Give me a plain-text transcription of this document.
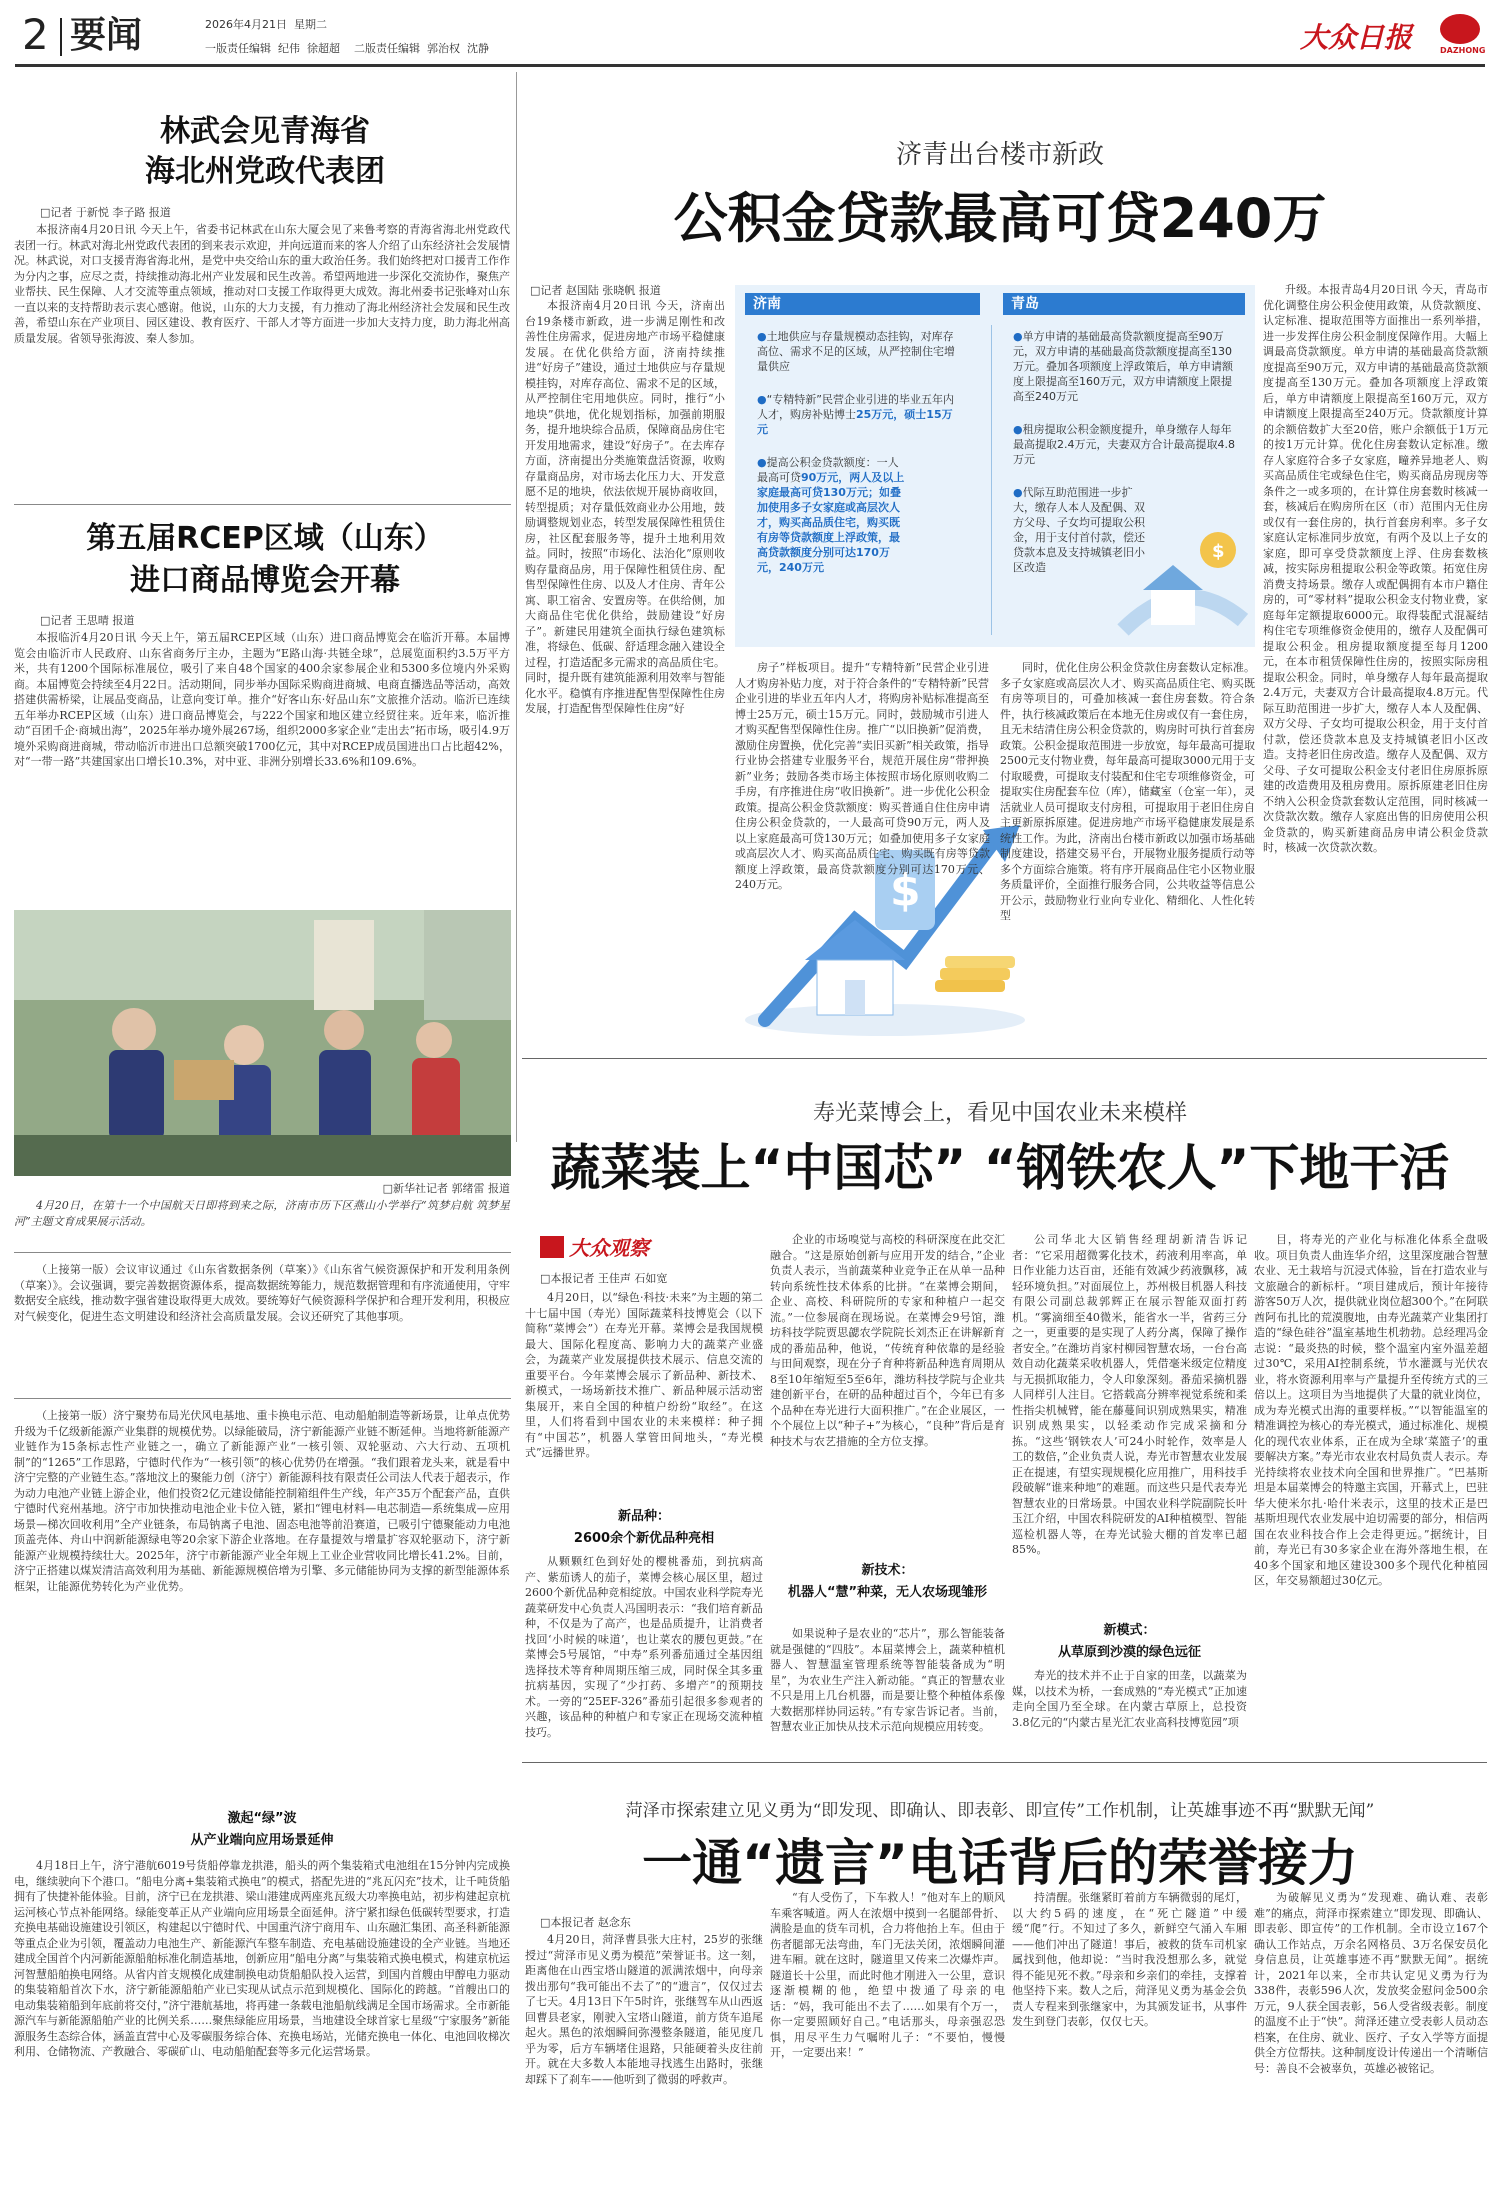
2 要闻	2026年4月21日 星期二
一版责任编辑  纪伟  徐超超    二版责任编辑  郭治权  沈静	大众日报	DAZHONG
林武会见青海省
海北州党政代表团
□记者 于新悦 李子路 报道

本报济南4月20日讯 今天上午，省委书记林武在山东大厦会见了来鲁考察的青海省海北州党政代表团一行。林武对海北州党政代表团的到来表示欢迎，并向远道而来的客人介绍了山东经济社会发展情况。林武说，对口支援青海省海北州，是党中央交给山东的重大政治任务。我们始终把对口援青工作作为分内之事，应尽之责，持续推动海北州产业发展和民生改善。希望两地进一步深化交流协作，聚焦产业帮扶、民生保障、人才交流等重点领域，推动对口支援工作取得更大成效。海北州委书记张峰对山东一直以来的支持帮助表示衷心感谢。他说，山东的大力支援，有力推动了海北州经济社会发展和民生改善，希望山东在产业项目、园区建设、教育医疗、干部人才等方面进一步加大支持力度，助力海北州高质量发展。省领导张海波、秦人参加。

第五届RCEP区域（山东）
进口商品博览会开幕
□记者 王思晴 报道

本报临沂4月20日讯 今天上午，第五届RCEP区域（山东）进口商品博览会在临沂开幕。本届博览会由临沂市人民政府、山东省商务厅主办，主题为“E路山海·共链全球”，总展览面积约3.5万平方米，共有1200个国际标准展位，吸引了来自48个国家的400余家参展企业和5300多位境内外采购商。本届博览会持续至4月22日。活动期间，同步举办国际采购商进商城、电商直播选品等活动，高效搭建供需桥梁，让展品变商品，让意向变订单。推介“好客山东·好品山东”文旅推介活动。临沂已连续五年举办RCEP区域（山东）进口商品博览会，与222个国家和地区建立经贸往来。近年来，临沂推动“百团千企·商城出海”，2025年举办境外展267场，组织2000多家企业“走出去”拓市场，吸引4.9万境外采购商进商城，带动临沂市进出口总额突破1700亿元，其中对RCEP成员国进出口占比超42%，对“一带一路”共建国家出口增长10.3%，对中亚、非洲分别增长33.6%和109.6%。

□新华社记者 郭绪雷 报道
4月20日，在第十一个中国航天日即将到来之际，济南市历下区燕山小学举行“筑梦启航 筑梦星河”主题文育成果展示活动。

（上接第一版）会议审议通过《山东省数据条例（草案）》《山东省气候资源保护和开发利用条例（草案）》。会议强调，要完善数据资源体系，提高数据统筹能力，规范数据管理和有序流通使用，守牢数据安全底线，推动数字强省建设取得更大成效。要统筹好气候资源科学保护和合理开发利用，积极应对气候变化，促进生态文明建设和经济社会高质量发展。会议还研究了其他事项。

（上接第一版）济宁聚势布局光伏风电基地、重卡换电示范、电动船舶制造等新场景，让单点优势升级为千亿级新能源产业集群的规模优势。以绿能破局，济宁新能源产业链不断延伸。当地将新能源产业链作为15条标志性产业链之一，确立了新能源产业“一核引领、双轮驱动、六大行动、五项机制”的“1265”工作思路，宁德时代作为“一核引领”的核心优势仍在增强。“我们跟着龙头来，就是看中济宁完整的产业链生态。”落地汶上的聚能力创（济宁）新能源科技有限责任公司法人代表于超表示，作为动力电池产业链上游企业，他们投资2亿元建设储能控制箱组件生产线，年产35万个配套产品，直供宁德时代兖州基地。济宁市加快推动电池企业卡位入链，紧扣“锂电材料—电芯制造—系统集成—应用场景—梯次回收利用”全产业链条，布局钠离子电池、固态电池等前沿赛道，已吸引宁德聚能动力电池顶盖壳体、舟山中润新能源绿电等20余家下游企业落地。在存量提效与增量扩容双轮驱动下，济宁新能源产业规模持续壮大。2025年，济宁市新能源产业全年规上工业企业营收同比增长41.2%。目前，济宁正搭建以煤炭清洁高效利用为基础、新能源规模倍增为引擎、多元储能协同为支撑的新型能源体系框架，让能源优势转化为产业优势。

激起“绿”波
从产业端向应用场景延伸

4月18日上午，济宁港航6019号货船停靠龙拱港，船头的两个集装箱式电池组在15分钟内完成换电，继续驶向下个港口。“船电分离+集装箱式换电”的模式，搭配先进的“兆瓦闪充”技术，让千吨货船拥有了快捷补能体验。目前，济宁已在龙拱港、梁山港建成两座兆瓦级大功率换电站，初步构建起京杭运河核心节点补能网络。绿能变革正从产业端向应用场景全面延伸。济宁紧扣绿色低碳转型要求，打造充换电基础设施建设引领区，构建起以宁德时代、中国重汽济宁商用车、山东融汇集团、高圣科新能源等重点企业为引领，覆盖动力电池生产、新能源汽车整车制造、充电基础设施建设的全产业链。当地还建成全国首个内河新能源船舶标准化制造基地，创新应用“船电分离”与集装箱式换电模式，构建京杭运河智慧船舶换电网络。从省内首支规模化成建制换电动货船船队投入运营，到国内首艘由甲醇电力驱动的集装箱船首次下水，济宁新能源船舶产业已实现从试点示范到规模化、国际化的跨越。“首艘出口的电动集装箱船到年底前将交付，”济宁港航基地，将再建一条载电池船航线满足全国市场需求。全市新能源汽车与新能源船舶产业的比例关系……聚焦绿能应用场景，当地建设全球首家七星级“宁家服务”新能源服务生态综合体，涵盖直营中心及零碳服务综合体、充换电场站，光储充换电一体化、电池回收梯次利用、仓储物流、产教融合、零碳矿山、电动船舶配套等多元化运营场景。

济青出台楼市新政
公积金贷款最高可贷240万
□记者 赵国陆 张晓帆 报道

本报济南4月20日讯 今天，济南出台19条楼市新政，进一步满足刚性和改善性住房需求，促进房地产市场平稳健康发展。在优化供给方面，济南持续推进“好房子”建设，通过土地供应与存量规模挂钩，对库存高位、需求不足的区域，从严控制住宅用地供应。同时，推行“小地块”供地，优化规划指标，加强前期服务，提升地块综合品质，保障商品房住宅开发用地需求，建设“好房子”。在去库存方面，济南提出分类施策盘活资源，收购存量商品房，对市场去化压力大、开发意愿不足的地块，依法依规开展协商收回，转型提质；对存量低效商业办公用地，鼓励调整规划业态，转型发展保障性租赁住房，社区配套服务等，提升土地利用效益。同时，按照“市场化、法治化”原则收购存量商品房，用于保障性租赁住房、配售型保障性住房、以及人才住房、青年公寓、职工宿舍、安置房等。在供给侧，加大商品住宅优化供给，鼓励建设“好房子”。新建民用建筑全面执行绿色建筑标准，将绿色、低碳、舒适理念融入建设全过程，打造适配多元需求的高品质住宅。同时，提升既有建筑能源利用效率与智能化水平。稳慎有序推进配售型保障性住房发展，打造配售型保障性住房“好

济南	青岛
●土地供应与存量规模动态挂钩，对库存高位、需求不足的区域，从严控制住宅增量供应
●“专精特新”民营企业引进的毕业五年内人才，购房补贴博士25万元，硕士15万元
●提高公积金贷款额度：一人最高可贷90万元，两人及以上家庭最高可贷130万元；如叠加使用多子女家庭或高层次人才，购买高品质住宅，购买既有房等贷款额度上浮政策，最高贷款额度分别可达170万元，240万元
●单方申请的基础最高贷款额度提高至90万元，双方申请的基础最高贷款额度提高至130万元。叠加各项额度上浮政策后，单方申请额度上限提高至160万元，双方申请额度上限提高至240万元
●租房提取公积金额度提升，单身缴存人每年最高提取2.4万元，夫妻双方合计最高提取4.8万元
●代际互助范围进一步扩大，缴存人本人及配偶、双方父母、子女均可提取公积金，用于支付首付款，偿还贷款本息及支持城镇老旧小区改造
$
$

房子”样板项目。提升“专精特新”民营企业引进人才购房补贴力度，对于符合条件的“专精特新”民营企业引进的毕业五年内人才，将购房补贴标准提高至博士25万元，硕士15万元。同时，鼓励城市引进人才购买配售型保障性住房。推广“以旧换新”促消费，激励住房置换，优化完善“卖旧买新”相关政策，指导行业协会搭建专业服务平台，规范开展住房“带押换新”业务；鼓励各类市场主体按照市场化原则收购二手房，有序推进住房“收旧换新”。进一步优化公积金政策。提高公积金贷款额度：购买普通自住住房申请住房公积金贷款的，一人最高可贷90万元，两人及以上家庭最高可贷130万元；如叠加使用多子女家庭或高层次人才、购买高品质住宅、购买既有房等贷款额度上浮政策，最高贷款额度分别可达170万元、240万元。

同时，优化住房公积金贷款住房套数认定标准。多子女家庭或高层次人才、购买高品质住宅、购买既有房等项目的，可叠加核减一套住房套数。符合条件，执行核减政策后在本地无住房或仅有一套住房，且无未结清住房公积金贷款的，购房时可执行首套房政策。公积金提取范围进一步放宽，每年最高可提取2500元支付物业费，每年最高可提取3000元用于支付取暖费，可提取支付装配和住宅专项维修资金，可提取实住房配套车位（库），储藏室（仓室一年），灵活就业人员可提取支付房租，可提取用于老旧住房自主更新原拆原建。促进房地产市场平稳健康发展是系统性工作。为此，济南出台楼市新政以加强市场基础制度建设，搭建交易平台，开展物业服务提质行动等多个方面综合施策。将有序开展商品住宅小区物业服务质量评价，全面推行服务合同，公共收益等信息公开公示，鼓励物业行业向专业化、精细化、人性化转型

升级。本报青岛4月20日讯 今天，青岛市优化调整住房公积金使用政策，从贷款额度、认定标准、提取范围等方面推出一系列举措，进一步发挥住房公积金制度保障作用。大幅上调最高贷款额度。单方申请的基础最高贷款额度提高至90万元，双方申请的基础最高贷款额度提高至130万元。叠加各项额度上浮政策后，单方申请额度上限提高至160万元，双方申请额度上限提高至240万元。贷款额度计算的余额倍数扩大至20倍，账户余额低于1万元的按1万元计算。优化住房套数认定标准。缴存人家庭符合多子女家庭，疃养异地老人、购买高品质住宅或绿色住宅，购买商品房现房等条件之一或多项的，在计算住房套数时核减一套，核减后在购房所在区（市）范围内无住房或仅有一套住房的，执行首套房利率。多子女家庭认定标准同步放宽，有两个及以上子女的家庭，即可享受贷款额度上浮、住房套数核减，按实际房租提取公积金等政策。拓宽住房消费支持场景。缴存人或配偶拥有本市户籍住房的，可“零材料”提取公积金支付物业费，家庭每年定额提取6000元。取得装配式混凝结构住宅专项维修资金使用的，缴存人及配偶可提取公积金。租房提取额度提至每月1200元，在本市租赁保障性住房的，按照实际房租提取公积金。同时，单身缴存人每年最高提取2.4万元，夫妻双方合计最高提取4.8万元。代际互助范围进一步扩大，缴存人本人及配偶、双方父母、子女均可提取公积金，用于支付首付款，偿还贷款本息及支持城镇老旧小区改造。支持老旧住房改造。缴存人及配偶、双方父母、子女可提取公积金支付老旧住房原拆原建的改造费用及租房费用。原拆原建老旧住房不纳入公积金贷款套数认定范围，同时核减一次贷款次数。缴存人家庭出售的旧房使用公积金贷款的，购买新建商品房申请公积金贷款时，核减一次贷款次数。

寿光菜博会上，看见中国农业未来模样
蔬菜装上“中国芯” “钢铁农人”下地干活
大众观察
□本报记者 王佳声 石如宽

4月20日，以“绿色·科技·未来”为主题的第二十七届中国（寿光）国际蔬菜科技博览会（以下简称“菜博会”）在寿光开幕。菜博会是我国规模最大、国际化程度高、影响力大的蔬菜产业盛会，为蔬菜产业发展提供技术展示、信息交流的重要平台。今年菜博会展示了新品种、新技术、新模式，一场场新技术推广、新品种展示活动密集展开，来自全国的种植户纷纷“取经”。在这里，人们将看到中国农业的未来模样：种子拥有“中国芯”，机器人掌管田间地头，“寿光模式”远播世界。

新品种：
2600余个新优品种亮相

从颗颗红色到好处的樱桃番茄，到抗病高产、紫茄诱人的茄子，菜博会核心展区里，超过2600个新优品种竞相绽放。中国农业科学院寿光蔬菜研发中心负责人冯国明表示：“我们培育新品种，不仅是为了高产，也是品质提升，让消费者找回‘小时候的味道’，也让菜农的腰包更鼓。”在菜博会5号展馆，“中寿”系列番茄通过全基因组选择技术等育种周期压缩三成，同时保全其多重抗病基因，实现了“少打药、多增产”的预期技术。一旁的“25EF-326”番茄引起很多参观者的兴趣，该品种的种植户和专家正在现场交流种植技巧。

企业的市场嗅觉与高校的科研深度在此交汇融合。“这是原始创新与应用开发的结合，”企业负责人表示，当前蔬菜种业竞争正在从单一品种转向系统性技术体系的比拼。“在菜博会期间，企业、高校、科研院所的专家和种植户一起交流。”一位参展商在现场说。在菜博会9号馆，潍坊科技学院贾思勰农学院院长刘杰正在讲解新育成的番茄品种，他说，“传统育种依靠的是经验与田间观察，现在分子育种将新品种选育周期从8至10年缩短至5至6年，潍坊科技学院与企业共建创新平台，在研的品种超过百个，今年已有多个品种在寿光进行大面积推广。”在企业展区，一个个展位上以“种子+”为核心，“良种”背后是育种技术与农艺措施的全方位支撑。

新技术：
机器人“慧”种菜，无人农场现雏形

如果说种子是农业的“芯片”，那么智能装备就是强健的“四肢”。本届菜博会上，蔬菜种植机器人、智慧温室管理系统等智能装备成为“明星”，为农业生产注入新动能。“真正的智慧农业不只是用上几台机器，而是要让整个种植体系像大数据那样协同运转。”有专家告诉记者。当前，智慧农业正加快从技术示范向规模应用转变。

公司华北大区销售经理胡新清告诉记者：“它采用超微雾化技术，药液利用率高，单日作业能力达百亩，还能有效减少药液飘移，减轻环境负担。”对面展位上，苏州极目机器人科技有限公司副总裁郭辉正在展示智能双面打药机。“雾滴细至40微米，能省水一半，省药三分之一，更重要的是实现了人药分离，保障了操作者安全。”在潍坊肖家村柳园智慧农场，一台台高效自动化蔬菜采收机器人，凭借毫米级定位精度与无损抓取能力，令人印象深刻。番茄采摘机器人同样引人注目。它搭载高分辨率视觉系统和柔性指尖机械臂，能在藤蔓间识别成熟果实，精准识别成熟果实，以轻柔动作完成采摘和分拣。“这些‘钢铁农人’可24小时轮作，效率是人工的数倍，”企业负责人说，寿光市智慧农业发展正在提速，有望实现规模化应用推广，用科技手段破解“谁来种地”的难题。而这些只是代表寿光智慧农业的日常场景。中国农业科学院副院长叶玉江介绍，中国农科院研发的AI种植模型、智能巡检机器人等，在寿光试验大棚的首发率已超85%。

新模式：
从草原到沙漠的绿色远征

寿光的技术并不止于自家的田垄，以蔬菜为媒，以技术为桥，一套成熟的“寿光模式”正加速走向全国乃至全球。在内蒙古草原上，总投资3.8亿元的“内蒙古星光汇农业高科技博览园”项

目，将寿光的产业化与标准化体系全盘吸收。项目负责人曲连华介绍，这里深度融合智慧农业、无土栽培与沉浸式体验，旨在打造农业与文旅融合的新标杆。“项目建成后，预计年接待游客50万人次，提供就业岗位超300个。”在阿联酋阿布扎比的荒漠腹地，由寿光蔬菜产业集团打造的“绿色硅谷”温室基地生机勃勃。总经理冯金志说：“最炎热的时候，整个温室内室外温差超过30℃，采用AI控制系统，节水灌溉与光伏农业，将水资源利用率与产量提升至传统方式的三倍以上。这项目为当地提供了大量的就业岗位，成为寿光模式出海的重要样板。”“以智能温室的精准调控为核心的寿光模式，通过标准化、规模化的现代农业体系，正在成为全球‘菜篮子’的重要解决方案。”寿光市农业农村局负责人表示。寿光持续将农业技术向全国和世界推广。“巴基斯坦是本届菜博会的特邀主宾国，开幕式上，巴驻华大使米尔扎·哈什米表示，这里的技术正是巴基斯坦现代农业发展中迫切需要的部分，相信两国在农业科技合作上会走得更远。”据统计，目前，寿光已有30多家企业在海外落地生根，在40多个国家和地区建设300多个现代化种植园区，年交易额超过30亿元。

菏泽市探索建立见义勇为“即发现、即确认、即表彰、即宣传”工作机制，让英雄事迹不再“默默无闻”
一通“遗言”电话背后的荣誉接力
□本报记者 赵念东

4月20日，菏泽曹县张大庄村，25岁的张继授过“菏泽市见义勇为模范”荣誉证书。这一刻，距离他在山西宝塔山隧道的派满浓烟中，向母亲拨出那句“我可能出不去了”的“遗言”，仅仅过去了七天。4月13日下午5时许，张继驾车从山西返回曹县老家，刚驶入宝塔山隧道，前方货车追尾起火。黑色的浓烟瞬间弥漫整条隧道，能见度几乎为零，后方车辆堵住退路，只能硬着头皮往前开。就在大多数人本能地寻找逃生出路时，张继却踩下了刹车——他听到了微弱的呼救声。

“有人受伤了，下车救人！”他对车上的顺风车乘客喊道。两人在浓烟中摸到一名腿部骨折、满脸是血的货车司机，合力将他抬上车。但由于伤者腿部无法弯曲，车门无法关闭，浓烟瞬间灌进车厢。就在这时，隧道里又传来二次爆炸声。隧道长十公里，而此时他才刚进入一公里，意识逐渐模糊的他，绝望中拨通了母亲的电话：“妈，我可能出不去了……如果有个万一，你一定要照顾好自己。”电话那头，母亲强忍恐惧，用尽平生力气嘱咐儿子：“不要怕，慢慢开，一定要出来！”

持清醒。张继紧盯着前方车辆微弱的尾灯，以大约5码的速度，在“死亡隧道”中缓缓“爬”行。不知过了多久，新鲜空气涌入车厢——他们冲出了隧道！事后，被救的货车司机家属找到他，他却说：“当时我没想那么多，就觉得不能见死不救。”母亲和乡亲们的牵挂，支撑着他坚持下来。数人之后，菏泽见义勇为基金会负责人专程来到张继家中，为其颁发证书，从事件发生到登门表彰，仅仅七天。

为破解见义勇为“发现难、确认难、表彰难”的痛点，菏泽市探索建立“即发现、即确认、即表彰、即宣传”的工作机制。全市设立167个确认工作站点，万余名网格员、3万名保安员化身信息员，让英雄事迹不再“默默无闻”。据统计，2021年以来，全市共认定见义勇为行为338件，表彰596人次，发放奖金慰问金500余万元，9人获全国表彰，56人受省级表彰。制度的温度不止于“快”。菏泽还建立受表彰人员动态档案，在住房、就业、医疗、子女入学等方面提供全方位帮扶。这种制度设计传递出一个清晰信号：善良不会被辜负，英雄必被铭记。
